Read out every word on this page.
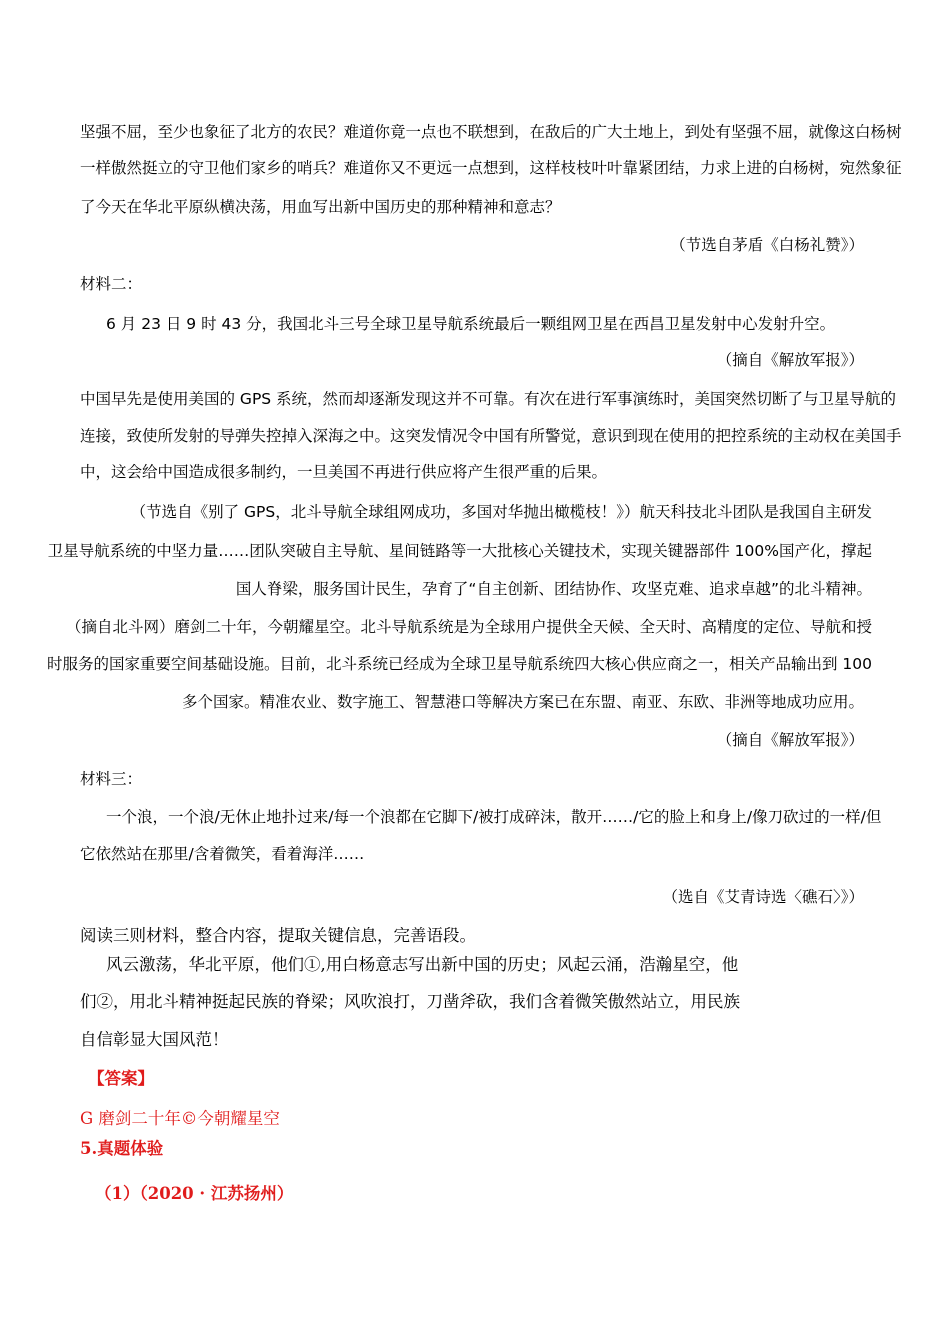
坚强不屈，至少也象征了北方的农民？难道你竟一点也不联想到，在敌后的广大土地上，到处有坚强不屈，就像这白杨树
一样傲然挺立的守卫他们家乡的哨兵？难道你又不更远一点想到，这样枝枝叶叶靠紧团结，力求上进的白杨树，宛然象征
了今天在华北平原纵横决荡，用血写出新中国历史的那种精神和意志？
（节选自茅盾《白杨礼赞》）
材料二：
6 月 23 日 9 时 43 分，我国北斗三号全球卫星导航系统最后一颗组网卫星在西昌卫星发射中心发射升空。
（摘自《解放军报》）
中国早先是使用美国的 GPS 系统，然而却逐渐发现这并不可靠。有次在进行军事演练时，美国突然切断了与卫星导航的
连接，致使所发射的导弹失控掉入深海之中。这突发情况令中国有所警觉，意识到现在使用的把控系统的主动权在美国手
中，这会给中国造成很多制约，一旦美国不再进行供应将产生很严重的后果。
（节选自《别了 GPS，北斗导航全球组网成功，多国对华抛出橄榄枝！》）航天科技北斗团队是我国自主研发
卫星导航系统的中坚力量……团队突破自主导航、星间链路等一大批核心关键技术，实现关键器部件 100%国产化，撑起
国人脊梁，服务国计民生，孕育了“自主创新、团结协作、攻坚克难、追求卓越”的北斗精神。
（摘自北斗网）磨剑二十年，今朝耀星空。北斗导航系统是为全球用户提供全天候、全天时、高精度的定位、导航和授
时服务的国家重要空间基础设施。目前，北斗系统已经成为全球卫星导航系统四大核心供应商之一，相关产品输出到 100
多个国家。精准农业、数字施工、智慧港口等解决方案已在东盟、南亚、东欧、非洲等地成功应用。
（摘自《解放军报》）
材料三：
一个浪，一个浪/无休止地扑过来/每一个浪都在它脚下/被打成碎沫，散开……/它的脸上和身上/像刀砍过的一样/但
它依然站在那里/含着微笑，看着海洋……
（选自《艾青诗选〈礁石〉》）
阅读三则材料，整合内容，提取关键信息，完善语段。
风云激荡，华北平原，他们①,用白杨意志写出新中国的历史；风起云涌，浩瀚星空，他
们②，用北斗精神挺起民族的脊梁；风吹浪打，刀凿斧砍，我们含着微笑傲然站立，用民族
自信彰显大国风范！
【答案】
G 磨剑二十年©今朝耀星空
5.真题体验
（1）（2020 · 江苏扬州）
